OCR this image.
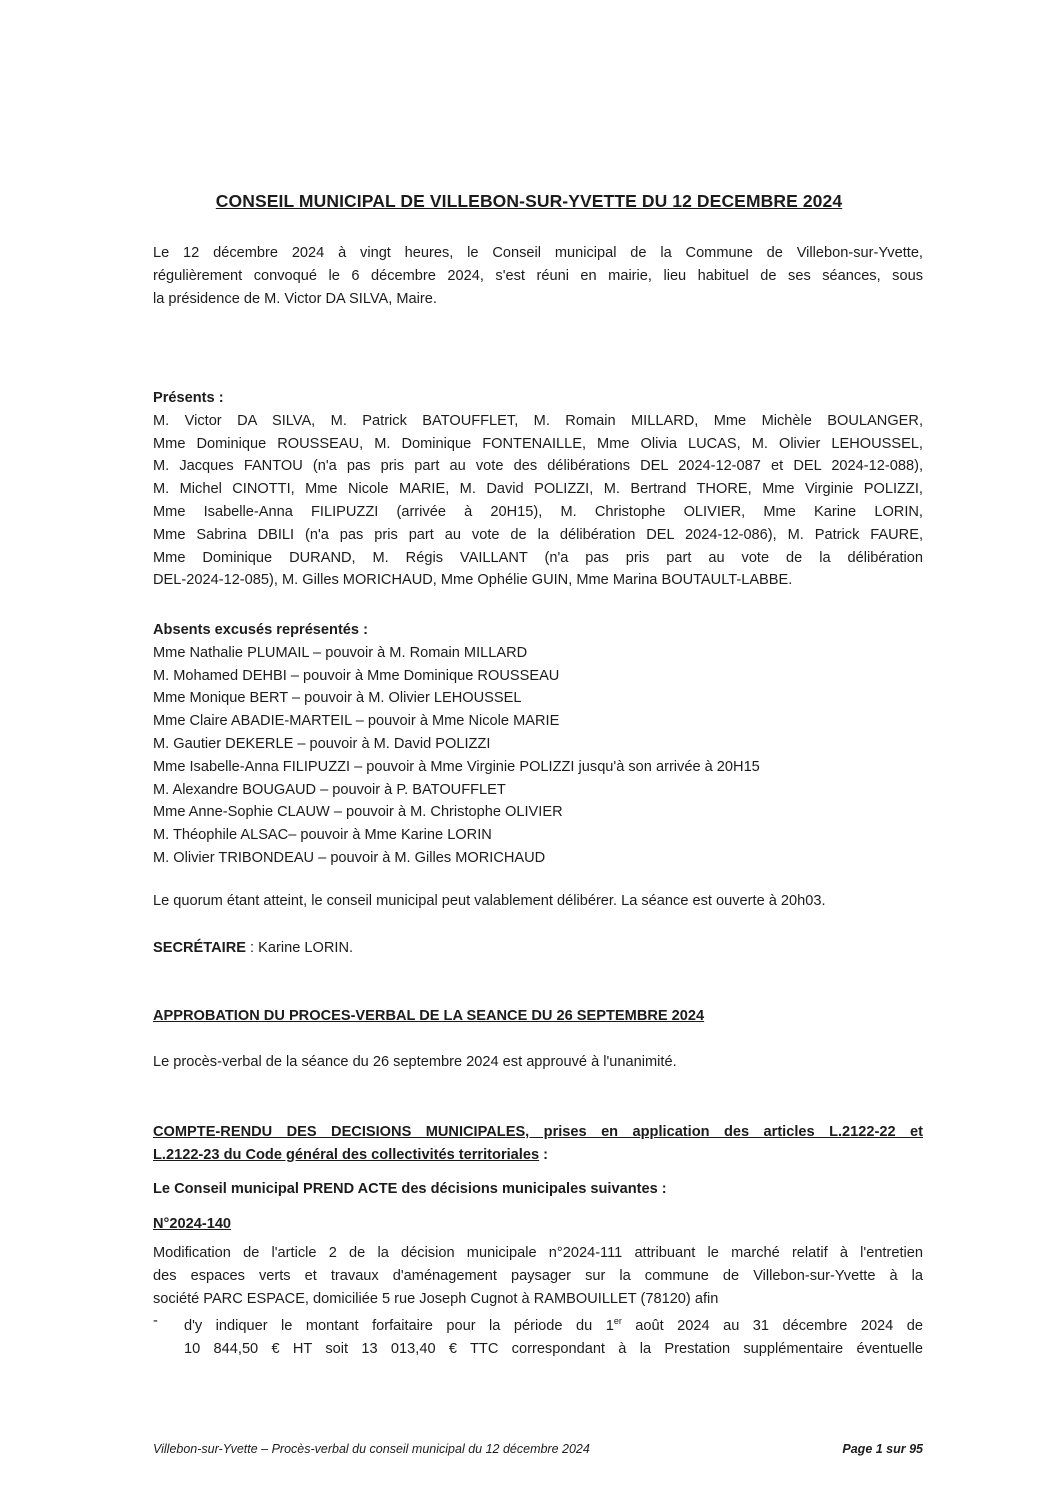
CONSEIL MUNICIPAL DE VILLEBON-SUR-YVETTE DU 12 DECEMBRE 2024
Le 12 décembre 2024 à vingt heures, le Conseil municipal de la Commune de Villebon-sur-Yvette,
régulièrement convoqué le 6 décembre 2024, s'est réuni en mairie, lieu habituel de ses séances, sous
la présidence de M. Victor DA SILVA, Maire.
Présents :
M. Victor DA SILVA, M. Patrick BATOUFFLET, M. Romain MILLARD, Mme Michèle BOULANGER,
Mme Dominique ROUSSEAU, M. Dominique FONTENAILLE, Mme Olivia LUCAS, M. Olivier LEHOUSSEL,
M. Jacques FANTOU (n'a pas pris part au vote des délibérations DEL 2024-12-087 et DEL 2024-12-088),
M. Michel CINOTTI, Mme Nicole MARIE, M. David POLIZZI, M. Bertrand THORE, Mme Virginie POLIZZI,
Mme Isabelle-Anna FILIPUZZI (arrivée à 20H15), M. Christophe OLIVIER, Mme Karine LORIN,
Mme Sabrina DBILI (n'a pas pris part au vote de la délibération DEL 2024-12-086), M. Patrick FAURE,
Mme Dominique DURAND, M. Régis VAILLANT (n'a pas pris part au vote de la délibération
DEL-2024-12-085), M. Gilles MORICHAUD, Mme Ophélie GUIN, Mme Marina BOUTAULT-LABBE.
Absents excusés représentés :
Mme Nathalie PLUMAIL – pouvoir à M. Romain MILLARD
M. Mohamed DEHBI – pouvoir à Mme Dominique ROUSSEAU
Mme Monique BERT – pouvoir à M. Olivier LEHOUSSEL
Mme Claire ABADIE-MARTEIL – pouvoir à Mme Nicole MARIE
M. Gautier DEKERLE – pouvoir à M. David POLIZZI
Mme Isabelle-Anna FILIPUZZI – pouvoir à Mme Virginie POLIZZI jusqu'à son arrivée à 20H15
M. Alexandre BOUGAUD – pouvoir à P. BATOUFFLET
Mme Anne-Sophie CLAUW – pouvoir à M. Christophe OLIVIER
M. Théophile ALSAC– pouvoir à Mme Karine LORIN
M. Olivier TRIBONDEAU – pouvoir à M. Gilles MORICHAUD
Le quorum étant atteint, le conseil municipal peut valablement délibérer. La séance est ouverte à 20h03.
SECRÉTAIRE : Karine LORIN.
APPROBATION DU PROCES-VERBAL DE LA SEANCE DU 26 SEPTEMBRE 2024
Le procès-verbal de la séance du 26 septembre 2024 est approuvé à l'unanimité.
COMPTE-RENDU DES DECISIONS MUNICIPALES, prises en application des articles L.2122-22 et
L.2122-23 du Code général des collectivités territoriales :
Le Conseil municipal PREND ACTE des décisions municipales suivantes :
N°2024-140
Modification de l'article 2 de la décision municipale n°2024-111 attribuant le marché relatif à l'entretien
des espaces verts et travaux d'aménagement paysager sur la commune de Villebon-sur-Yvette à la
société PARC ESPACE, domiciliée 5 rue Joseph Cugnot à RAMBOUILLET (78120) afin
-	d'y indiquer le montant forfaitaire pour la période du 1er août 2024 au 31 décembre 2024 de
10 844,50 € HT soit 13 013,40 € TTC correspondant à la Prestation supplémentaire éventuelle
Villebon-sur-Yvette – Procès-verbal du conseil municipal du 12 décembre 2024	Page 1 sur 95
